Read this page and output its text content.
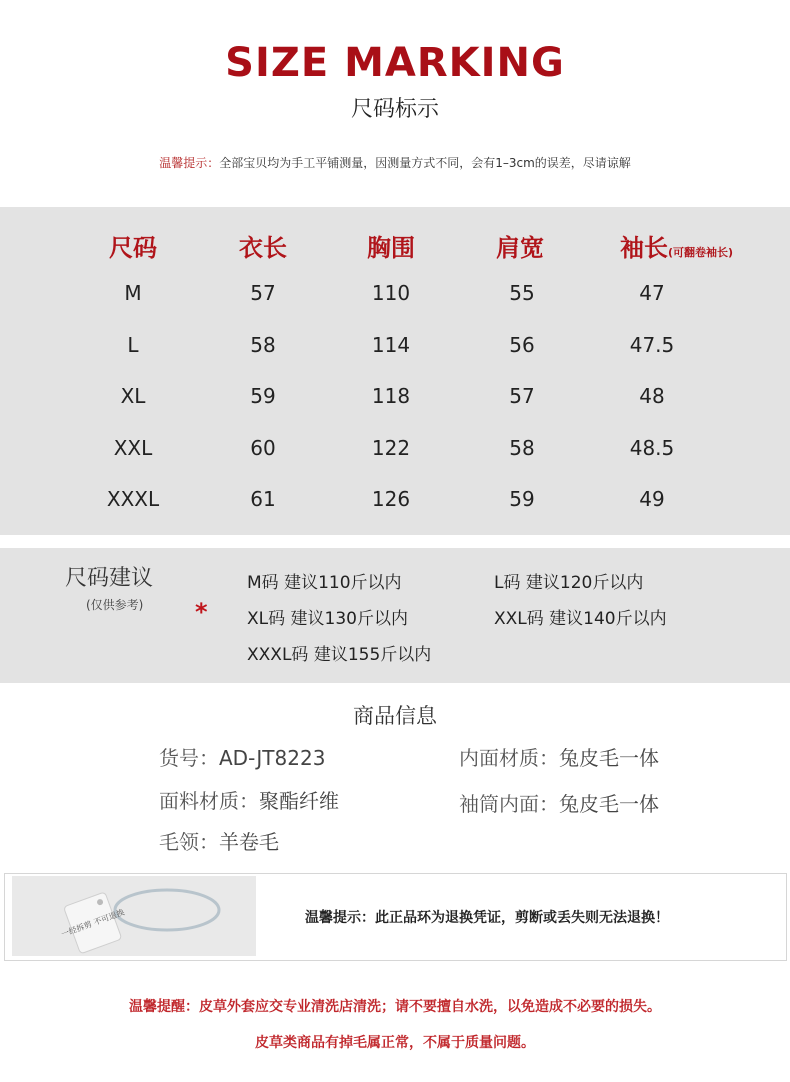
SIZE MARKING
尺码标示
温馨提示：全部宝贝均为手工平铺测量，因测量方式不同，会有1–3cm的误差，尽请谅解
尺码	衣长	胸围	肩宽	袖长(可翻卷袖长)
M	57	110	55	47
L	58	114	56	47.5
XL	59	118	57	48
XXL	60	122	58	48.5
XXXL	61	126	59	49
尺码建议
(仅供参考) *
M码 建议110斤以内	L码 建议120斤以内
XL码 建议130斤以内	XXL码 建议140斤以内
XXXL码 建议155斤以内
商品信息
货号：AD-JT8223	内面材质：兔皮毛一体
面料材质：聚酯纤维	袖筒内面：兔皮毛一体
毛领：羊卷毛
一经拆剪 不可退换	温馨提示：此正品环为退换凭证，剪断或丢失则无法退换！
温馨提醒：皮草外套应交专业清洗店清洗；请不要擅自水洗，以免造成不必要的损失。
皮草类商品有掉毛属正常，不属于质量问题。
